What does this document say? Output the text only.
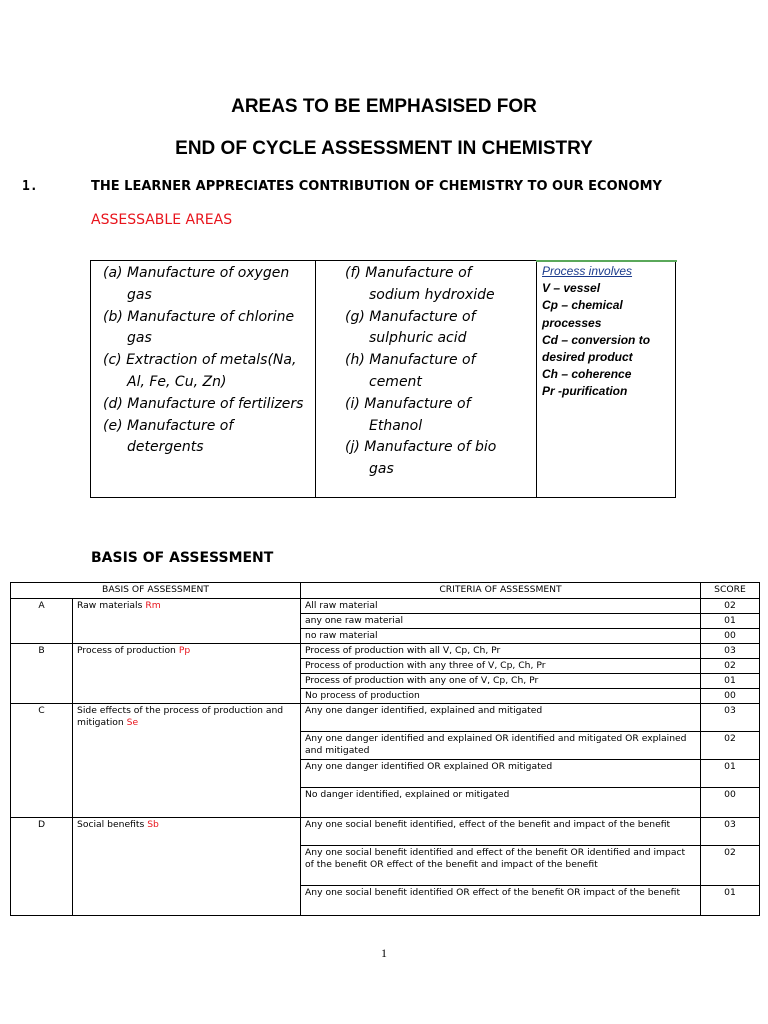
AREAS TO BE EMPHASISED FOR
END OF CYCLE ASSESSMENT IN CHEMISTRY
1.	THE LEARNER APPRECIATES CONTRIBUTION OF CHEMISTRY TO OUR ECONOMY
ASSESSABLE AREAS
(a) Manufacture of oxygen gas
(b) Manufacture of chlorine gas
(c) Extraction of metals(Na, Al, Fe, Cu, Zn)
(d) Manufacture of fertilizers
(e) Manufacture of detergents
(f) Manufacture of sodium hydroxide
(g) Manufacture of sulphuric acid
(h) Manufacture of cement
(i) Manufacture of Ethanol
(j) Manufacture of bio gas
Process involves
V – vessel
Cp – chemical processes
Cd – conversion to desired product
Ch – coherence
Pr -purification
BASIS OF ASSESSMENT
BASIS OF ASSESSMENT		CRITERIA OF ASSESSMENT	SCORE
A	Raw materials Rm	All raw material	02
		any one raw material	01
		no raw material	00
B	Process of production Pp	Process of production with all V, Cp, Ch, Pr	03
		Process of production with any three of V, Cp, Ch, Pr	02
		Process of production with any one of V, Cp, Ch, Pr	01
		No process of production	00
C	Side effects of the process of production and mitigation Se	Any one danger identified, explained and mitigated	03
		Any one danger identified and explained OR identified and mitigated OR explained and mitigated	02
		Any one danger identified OR explained OR mitigated	01
		No danger identified, explained or mitigated	00
D	Social benefits Sb	Any one social benefit identified, effect of the benefit and impact of the benefit	03
		Any one social benefit identified and effect of the benefit OR identified and impact of the benefit OR effect of the benefit and impact of the benefit	02
		Any one social benefit identified OR effect of the benefit OR impact of the benefit	01
1
